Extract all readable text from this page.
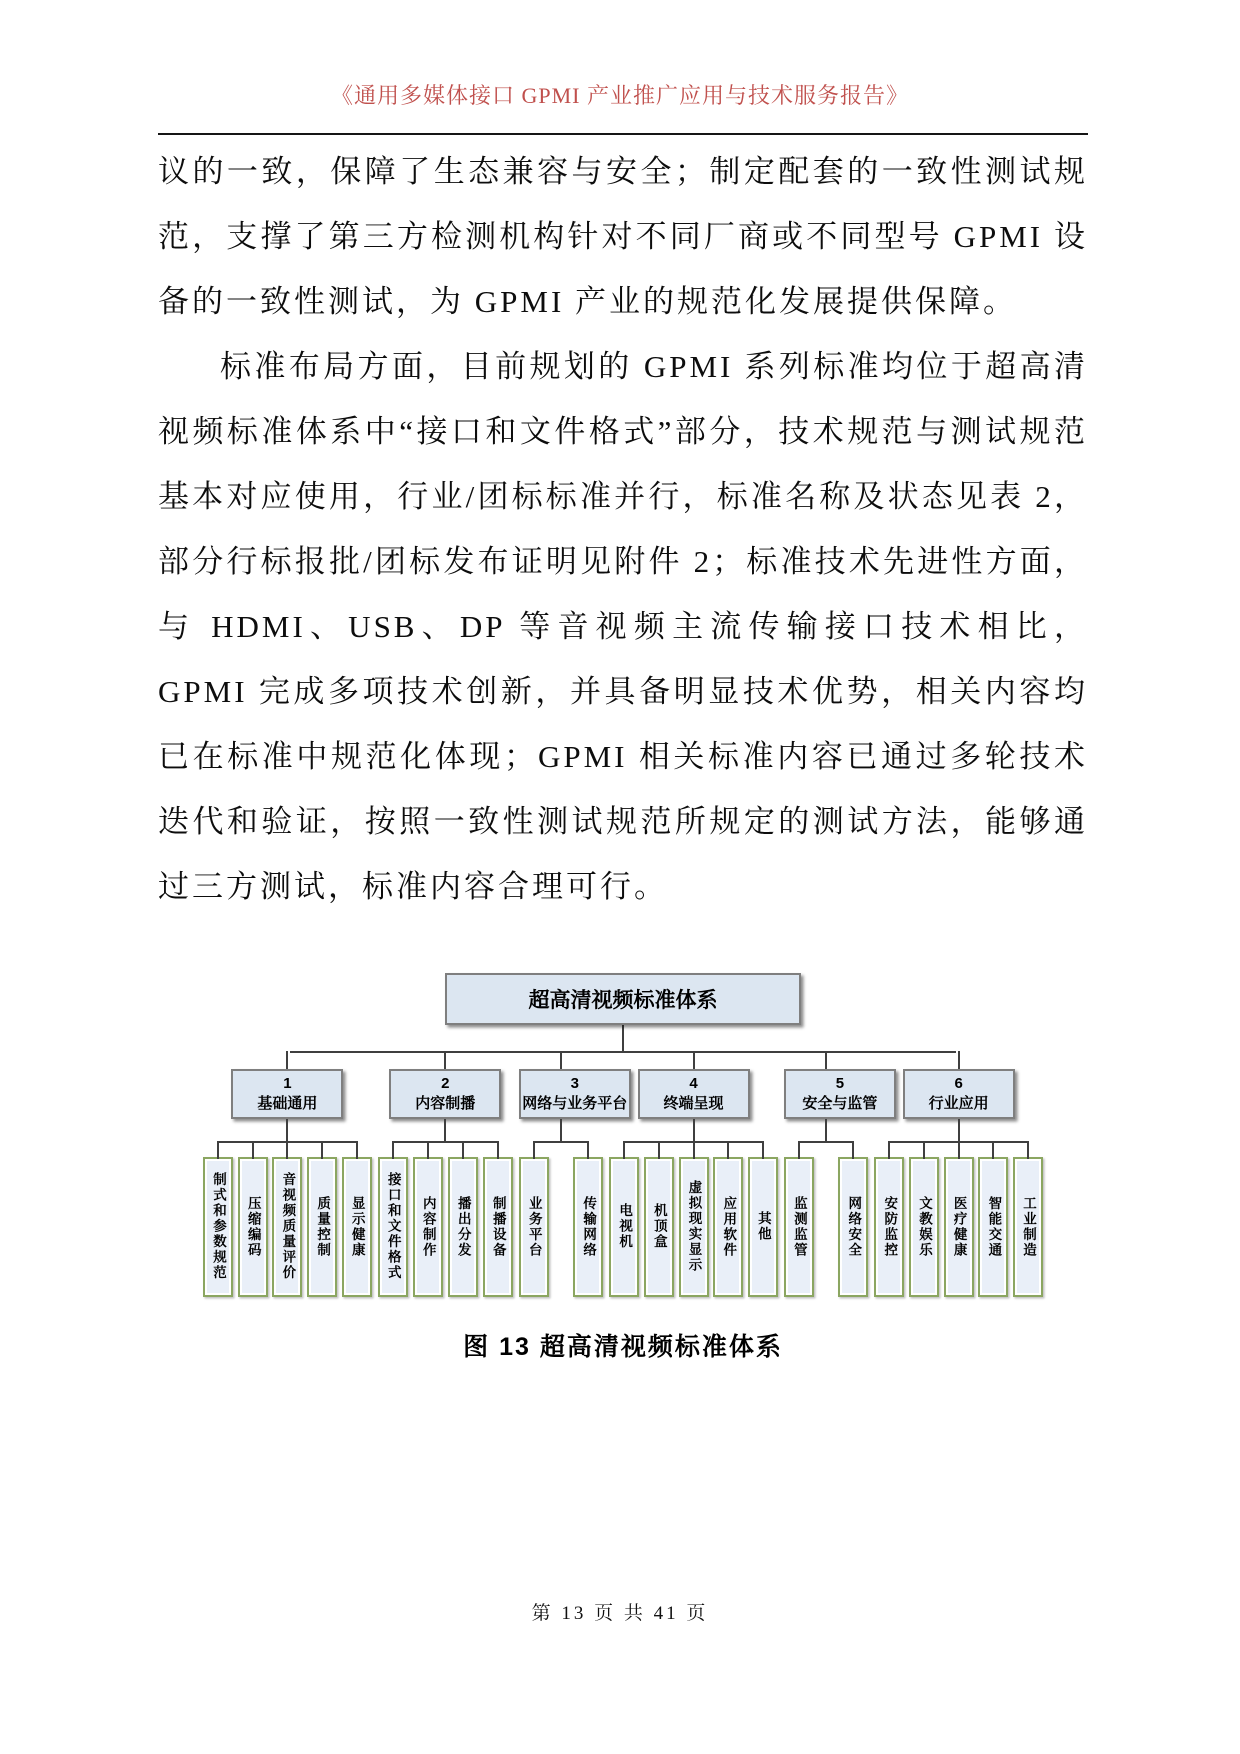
《通用多媒体接口 GPMI 产业推广应用与技术服务报告》

议的一致，保障了生态兼容与安全；制定配套的一致性测试规范，支撑了第三方检测机构针对不同厂商或不同型号 GPMI 设备的一致性测试，为 GPMI 产业的规范化发展提供保障。

标准布局方面，目前规划的 GPMI 系列标准均位于超高清视频标准体系中“接口和文件格式”部分，技术规范与测试规范基本对应使用，行业/团标标准并行，标准名称及状态见表 2，部分行标报批/团标发布证明见附件 2；标准技术先进性方面，与 HDMI、USB、DP 等音视频主流传输接口技术相比，GPMI 完成多项技术创新，并具备明显技术优势，相关内容均已在标准中规范化体现；GPMI 相关标准内容已通过多轮技术迭代和验证，按照一致性测试规范所规定的测试方法，能够通过三方测试，标准内容合理可行。

超高清视频标准体系
1
基础通用
制式和参数规范	压缩编码	音视频质量评价	质量控制	显示健康
2
内容制播
接口和文件格式	内容制作	播出分发	制播设备
3
网络与业务平台
业务平台	传输网络
4
终端呈现
电视机	机顶盒	虚拟现实显示	应用软件	其他
5
安全与监管
监测监管	网络安全
6
行业应用
安防监控	文教娱乐	医疗健康	智能交通	工业制造
图 13 超高清视频标准体系
第 13 页 共 41 页
